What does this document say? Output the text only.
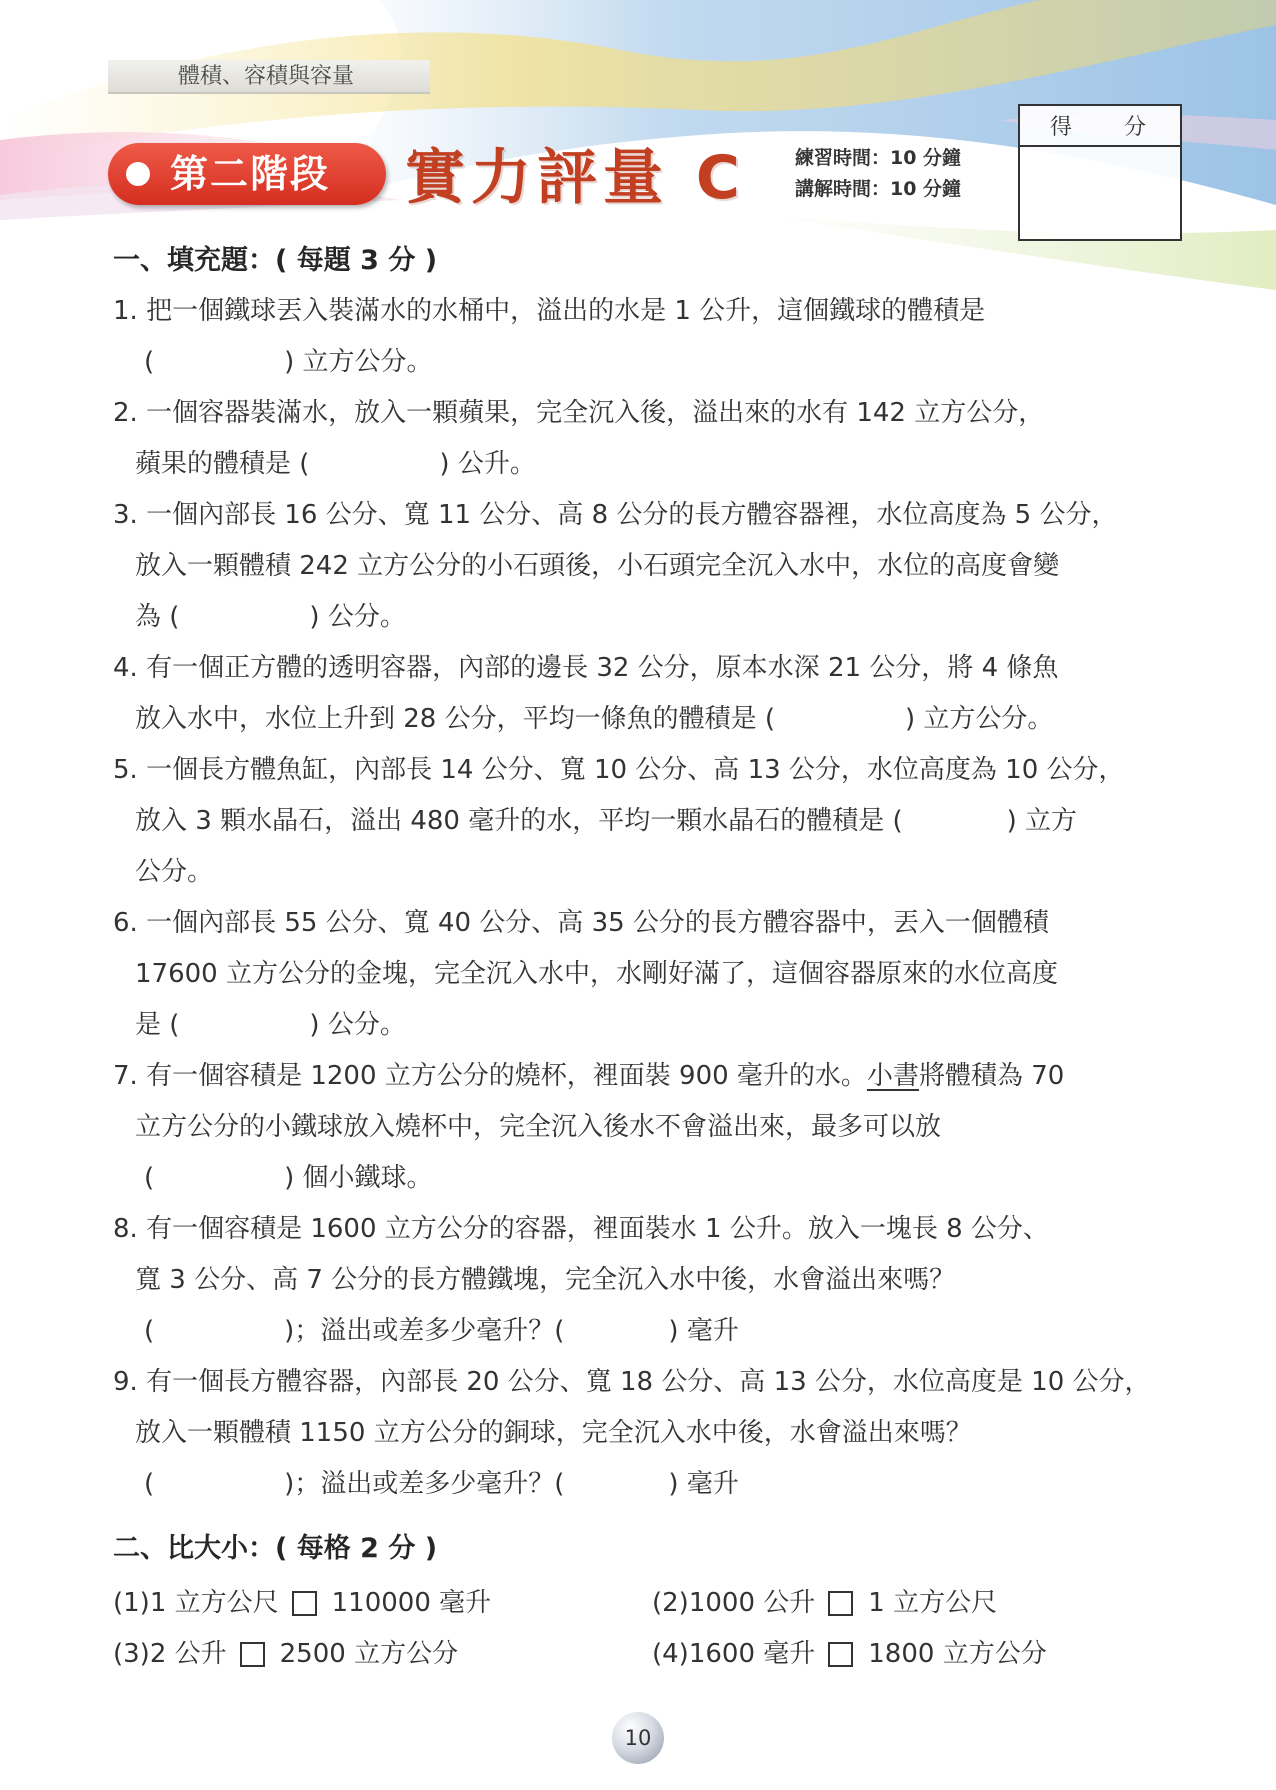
體積、容積與容量
第二階段 實力評量 C	練習時間：10 分鐘
講解時間：10 分鐘
得 分
一、填充題：( 每題 3 分 )
1. 把一個鐵球丟入裝滿水的水桶中，溢出的水是 1 公升，這個鐵球的體積是
(　　　　　) 立方公分。
2. 一個容器裝滿水，放入一顆蘋果，完全沉入後，溢出來的水有 142 立方公分，
蘋果的體積是 (　　　　　) 公升。
3. 一個內部長 16 公分、寬 11 公分、高 8 公分的長方體容器裡，水位高度為 5 公分，
放入一顆體積 242 立方公分的小石頭後，小石頭完全沉入水中，水位的高度會變
為 (　　　　　) 公分。
4. 有一個正方體的透明容器，內部的邊長 32 公分，原本水深 21 公分，將 4 條魚
放入水中，水位上升到 28 公分，平均一條魚的體積是 (　　　　　) 立方公分。
5. 一個長方體魚缸，內部長 14 公分、寬 10 公分、高 13 公分，水位高度為 10 公分，
放入 3 顆水晶石，溢出 480 毫升的水，平均一顆水晶石的體積是 (　　　　) 立方
公分。
6. 一個內部長 55 公分、寬 40 公分、高 35 公分的長方體容器中，丟入一個體積
17600 立方公分的金塊，完全沉入水中，水剛好滿了，這個容器原來的水位高度
是 (　　　　　) 公分。
7. 有一個容積是 1200 立方公分的燒杯，裡面裝 900 毫升的水。小書將體積為 70
立方公分的小鐵球放入燒杯中，完全沉入後水不會溢出來，最多可以放
(　　　　　) 個小鐵球。
8. 有一個容積是 1600 立方公分的容器，裡面裝水 1 公升。放入一塊長 8 公分、
寬 3 公分、高 7 公分的長方體鐵塊，完全沉入水中後，水會溢出來嗎？
(　　　　　)；溢出或差多少毫升？(　　　　) 毫升
9. 有一個長方體容器，內部長 20 公分、寬 18 公分、高 13 公分，水位高度是 10 公分，
放入一顆體積 1150 立方公分的銅球，完全沉入水中後，水會溢出來嗎？
(　　　　　)；溢出或差多少毫升？(　　　　) 毫升
二、比大小：( 每格 2 分 )
(1)1 立方公尺 110000 毫升	(2)1000 公升 1 立方公尺
(3)2 公升 2500 立方公分	(4)1600 毫升 1800 立方公分
10
